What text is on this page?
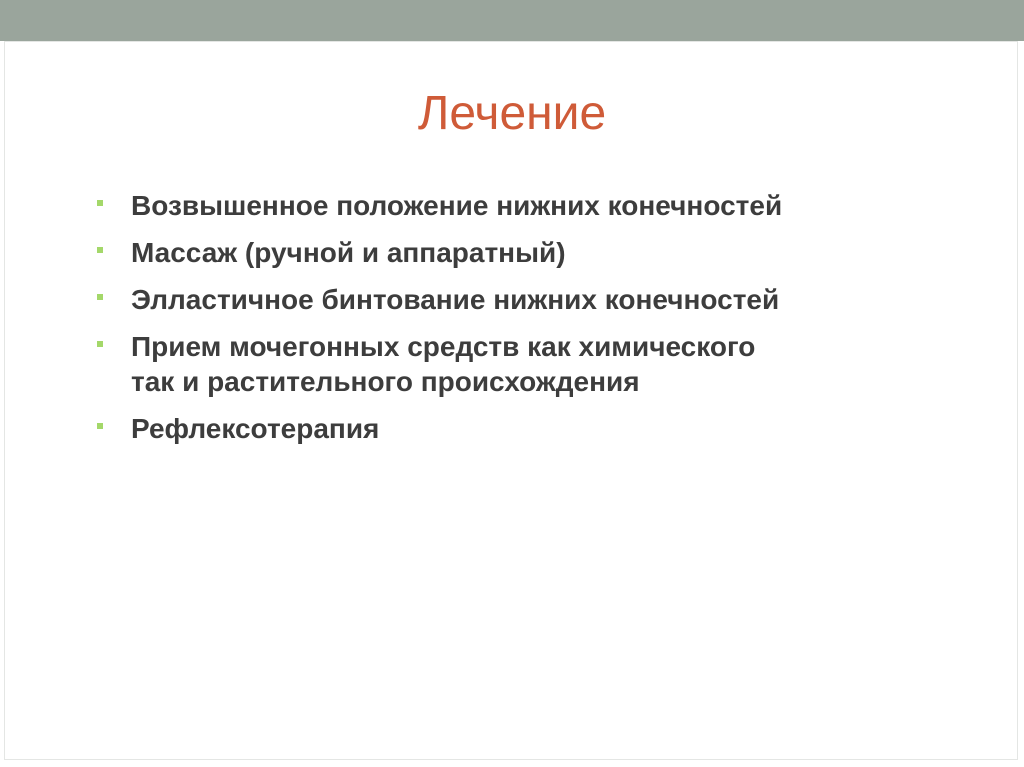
Лечение
Возвышенное положение нижних конечностей
Массаж (ручной и аппаратный)
Элластичное бинтование нижних конечностей
Прием мочегонных средств как химического
так и растительного происхождения
Рефлексотерапия
